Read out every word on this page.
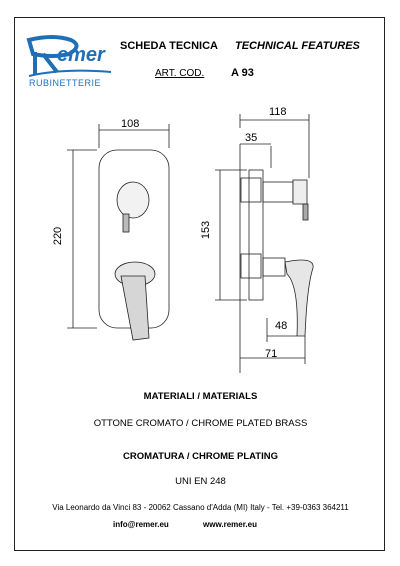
emer
RUBINETTERIE
SCHEDA TECNICA TECHNICAL FEATURES
ART. COD. A 93
108
220
118
35
153
48
71
MATERIALI / MATERIALS
OTTONE CROMATO / CHROME PLATED BRASS
CROMATURA / CHROME PLATING
UNI EN 248
Via Leonardo da Vinci 83 - 20062 Cassano d'Adda (MI) Italy - Tel. +39-0363 364211
info@remer.eu	www.remer.eu
